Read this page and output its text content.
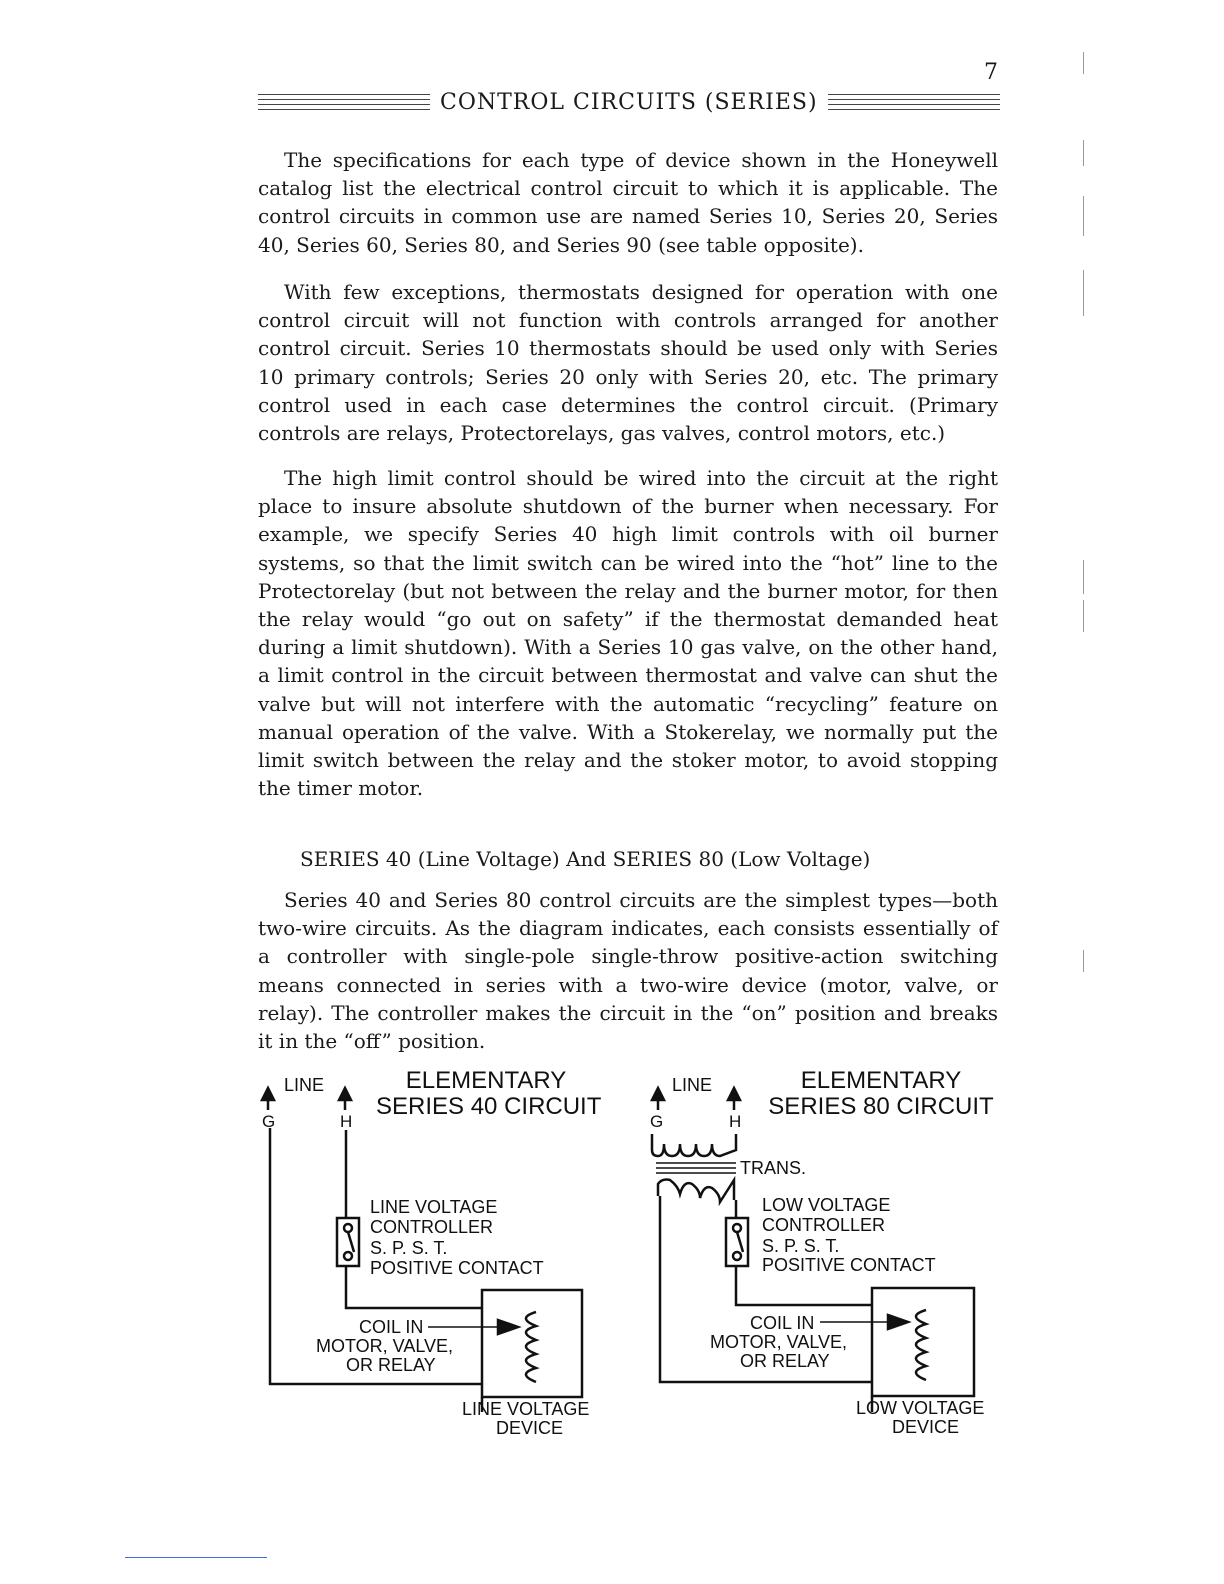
7
CONTROL CIRCUITS (SERIES)

The specifications for each type of device shown in the Honeywell catalog list the electrical control circuit to which it is applicable. The control circuits in common use are named Series 10, Series 20, Series 40, Series 60, Series 80, and Series 90 (see table opposite).

With few exceptions, thermostats designed for operation with one control circuit will not function with controls arranged for another control circuit. Series 10 thermostats should be used only with Series 10 primary controls; Series 20 only with Series 20, etc. The primary control used in each case determines the control circuit. (Primary controls are relays, Protectorelays, gas valves, control motors, etc.)

The high limit control should be wired into the circuit at the right place to insure absolute shutdown of the burner when necessary. For example, we specify Series 40 high limit controls with oil burner systems, so that the limit switch can be wired into the “hot” line to the Protectorelay (but not between the relay and the burner motor, for then the relay would “go out on safety” if the thermostat demanded heat during a limit shutdown). With a Series 10 gas valve, on the other hand, a limit control in the circuit between thermostat and valve can shut the valve but will not interfere with the automatic “recycling” feature on manual operation of the valve. With a Stokerelay, we normally put the limit switch between the relay and the stoker motor, to avoid stopping the timer motor.

SERIES 40 (Line Voltage) And SERIES 80 (Low Voltage)

Series 40 and Series 80 control circuits are the simplest types—both two-wire circuits. As the diagram indicates, each consists essentially of a controller with single-pole single-throw positive-action switching means connected in series with a two-wire device (motor, valve, or relay). The controller makes the circuit in the “on” position and breaks it in the “off” position.

LINE
G	H
ELEMENTARY
SERIES 40 CIRCUIT
LINE VOLTAGE
CONTROLLER
S. P. S. T.
POSITIVE CONTACT
COIL IN
MOTOR, VALVE,
OR RELAY
LINE VOLTAGE
DEVICE
LINE
G	H
ELEMENTARY
SERIES 80 CIRCUIT
TRANS.
LOW VOLTAGE
CONTROLLER
S. P. S. T.
POSITIVE CONTACT
COIL IN
MOTOR, VALVE,
OR RELAY
LOW VOLTAGE
DEVICE
